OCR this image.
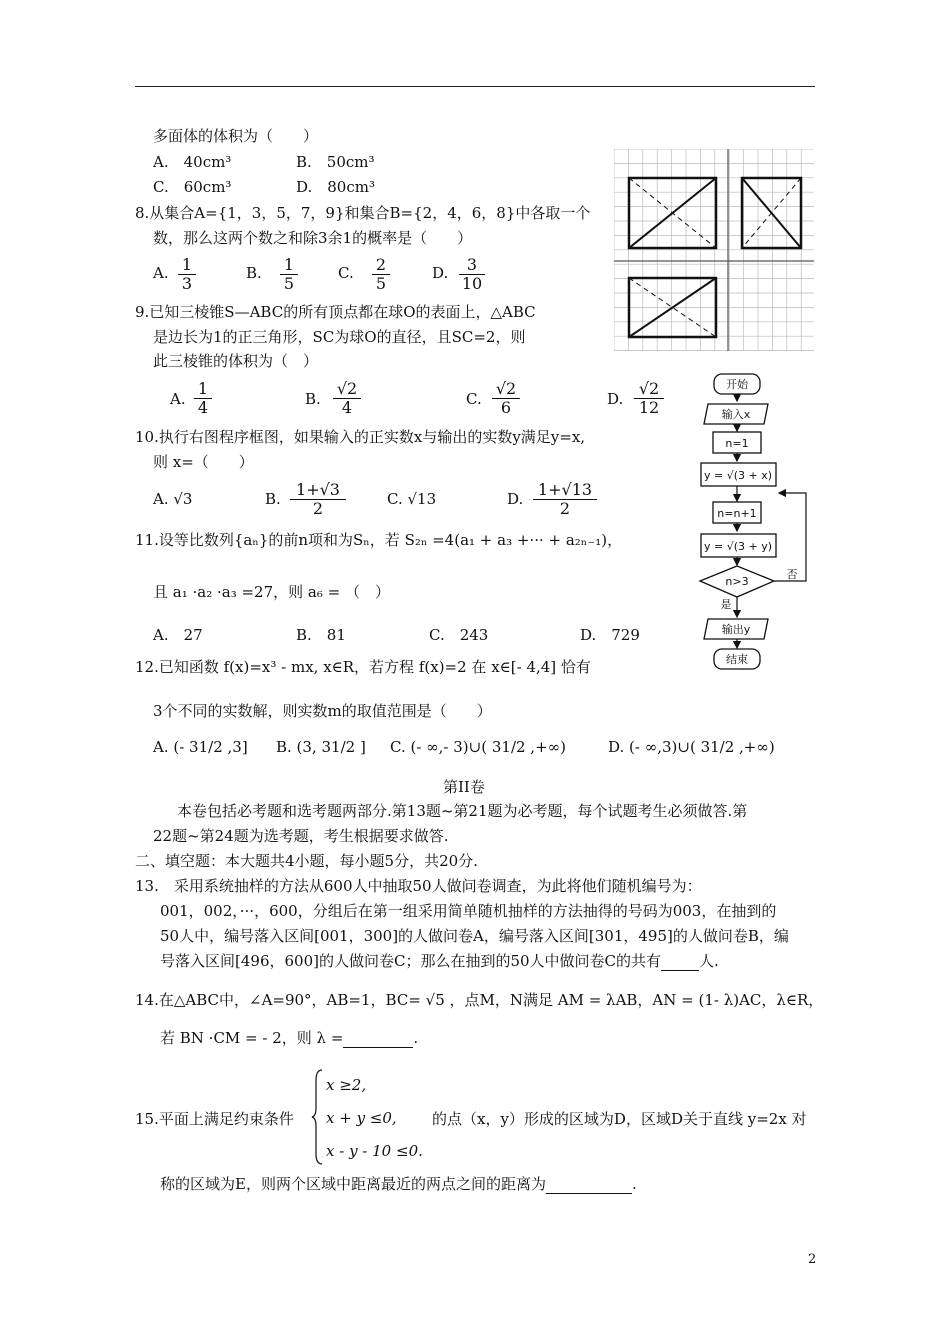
多面体的体积为（　　）
A.　40cm³	B.　50cm³
C.　60cm³	D.　80cm³
8.从集合A={1，3，5，7，9}和集合B={2，4，6，8}中各取一个
数，那么这两个数之和除3余1的概率是（　　）
A. $\frac{1}{3}$	B. $\frac{1}{5}$	C. $\frac{2}{5}$	D. $\frac{3}{10}$
9.已知三棱锥S—ABC的所有顶点都在球O的表面上，△ABC
是边长为1的正三角形，SC为球O的直径，且SC=2，则
此三棱锥的体积为（　）
A. $\frac{1}{4}$	B. $\frac{√2}{4}$	C. $\frac{√2}{6}$	D. $\frac{√2}{12}$	开始
输入x
n=1
y = √(3 + x)
n=n+1
y = √(3 + y)
n>3
是
否
输出y
结束
10.执行右图程序框图，如果输入的正实数x与输出的实数y满足y=x,
则 x=（　　）
A. √3	B. $\frac{1+√3}{2}$	C. √13	D. $\frac{1+√13}{2}$
11.设等比数列{aₙ}的前n项和为Sₙ，若 S₂ₙ =4(a₁ + a₃ +··· + a₂ₙ₋₁)，
且 a₁ ·a₂ ·a₃ =27，则 a₆ = （　）
A.　27	B.　81	C.　243	D.　729
12.已知函数 f(x)=x³ - mx, x∈R，若方程 f(x)=2 在 x∈[- 4,4] 恰有
3个不同的实数解，则实数m的取值范围是（　　）
A. (- 31/2 ,3] B. (3, 31/2 ] C. (- ∞,- 3)∪( 31/2 ,+∞)	D. (- ∞,3)∪( 31/2 ,+∞)
第II卷
本卷包括必考题和选考题两部分.第13题~第21题为必考题，每个试题考生必须做答.第
22题~第24题为选考题，考生根据要求做答.
二、填空题：本大题共4小题，每小题5分，共20分.
13.　采用系统抽样的方法从600人中抽取50人做问卷调查，为此将他们随机编号为：
001，002，···，600，分组后在第一组采用简单随机抽样的方法抽得的号码为003，在抽到的
50人中，编号落入区间[001，300]的人做问卷A，编号落入区间[301，495]的人做问卷B，编
号落入区间[496，600]的人做问卷C；那么在抽到的50人中做问卷C的共有	人.
14.在△ABC中，∠A=90°，AB=1，BC= √5 ，点M，N满足 AM = λAB，AN = (1- λ)AC，λ∈R，
若 BN ·CM = - 2，则 λ =	.
15.平面上满足约束条件
x ≥2,
x + y ≤0,
x - y - 10 ≤0.
的点（x，y）形成的区域为D，区域D关于直线 y=2x 对
称的区域为E，则两个区域中距离最近的两点之间的距离为	.
2
